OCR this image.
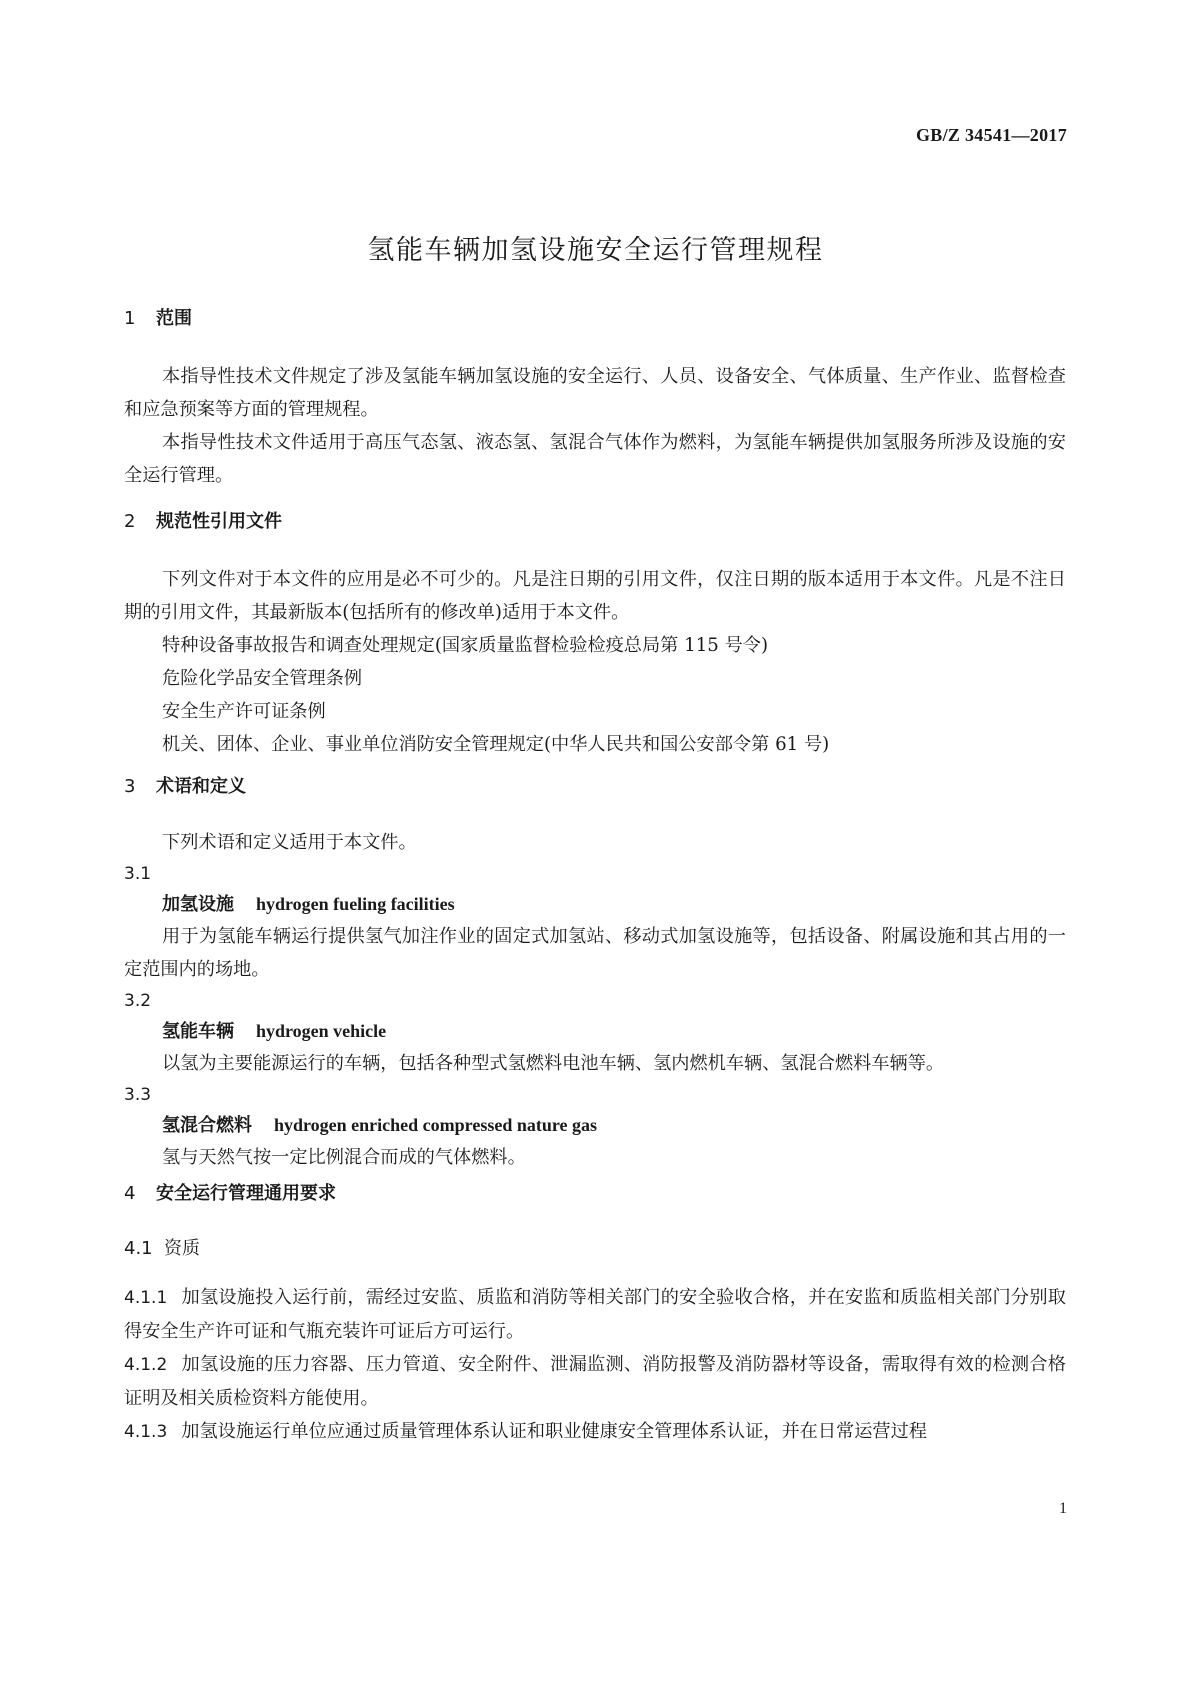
GB/Z 34541—2017
氢能车辆加氢设施安全运行管理规程
1 范围

本指导性技术文件规定了涉及氢能车辆加氢设施的安全运行、人员、设备安全、气体质量、生产作业、监督检查和应急预案等方面的管理规程。

本指导性技术文件适用于高压气态氢、液态氢、氢混合气体作为燃料，为氢能车辆提供加氢服务所涉及设施的安全运行管理。

2 规范性引用文件

下列文件对于本文件的应用是必不可少的。凡是注日期的引用文件，仅注日期的版本适用于本文件。凡是不注日期的引用文件，其最新版本(包括所有的修改单)适用于本文件。

特种设备事故报告和调查处理规定(国家质量监督检验检疫总局第 115 号令)
危险化学品安全管理条例
安全生产许可证条例
机关、团体、企业、事业单位消防安全管理规定(中华人民共和国公安部令第 61 号)
3 术语和定义
下列术语和定义适用于本文件。
3.1
加氢设施 hydrogen fueling facilities

用于为氢能车辆运行提供氢气加注作业的固定式加氢站、移动式加氢设施等，包括设备、附属设施和其占用的一定范围内的场地。

3.2
氢能车辆 hydrogen vehicle

以氢为主要能源运行的车辆，包括各种型式氢燃料电池车辆、氢内燃机车辆、氢混合燃料车辆等。

3.3
氢混合燃料 hydrogen enriched compressed nature gas

氢与天然气按一定比例混合而成的气体燃料。

4 安全运行管理通用要求
4.1 资质

4.1.1 加氢设施投入运行前，需经过安监、质监和消防等相关部门的安全验收合格，并在安监和质监相关部门分别取得安全生产许可证和气瓶充装许可证后方可运行。

4.1.2 加氢设施的压力容器、压力管道、安全附件、泄漏监测、消防报警及消防器材等设备，需取得有效的检测合格证明及相关质检资料方能使用。

4.1.3 加氢设施运行单位应通过质量管理体系认证和职业健康安全管理体系认证，并在日常运营过程

1
